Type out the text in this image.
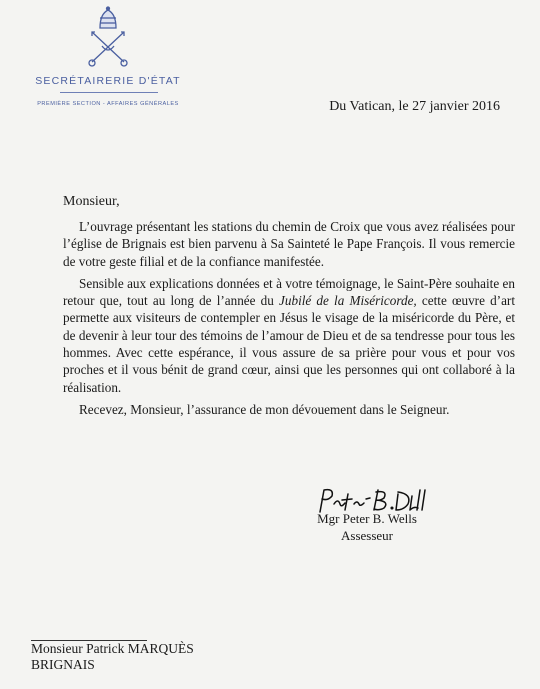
SECRÉTAIRERIE D'ÉTAT
PREMIÈRE SECTION - AFFAIRES GÉNÉRALES	Du Vatican, le 27 janvier 2016
Monsieur,

L’ouvrage présentant les stations du chemin de Croix que vous avez réalisées pour l’église de Brignais est bien parvenu à Sa Sainteté le Pape François. Il vous remercie de votre geste filial et de la confiance manifestée.

Sensible aux explications données et à votre témoignage, le Saint-Père souhaite en retour que, tout au long de l’année du Jubilé de la Miséricorde, cette œuvre d’art permette aux visiteurs de contempler en Jésus le visage de la miséricorde du Père, et de devenir à leur tour des témoins de l’amour de Dieu et de sa tendresse pour tous les hommes. Avec cette espérance, il vous assure de sa prière pour vous et pour vos proches et il vous bénit de grand cœur, ainsi que les personnes qui ont collaboré à la réalisation.

Recevez, Monsieur, l’assurance de mon dévouement dans le Seigneur.

Mgr Peter B. Wells
Assesseur
Monsieur Patrick MARQUÈS
BRIGNAIS
